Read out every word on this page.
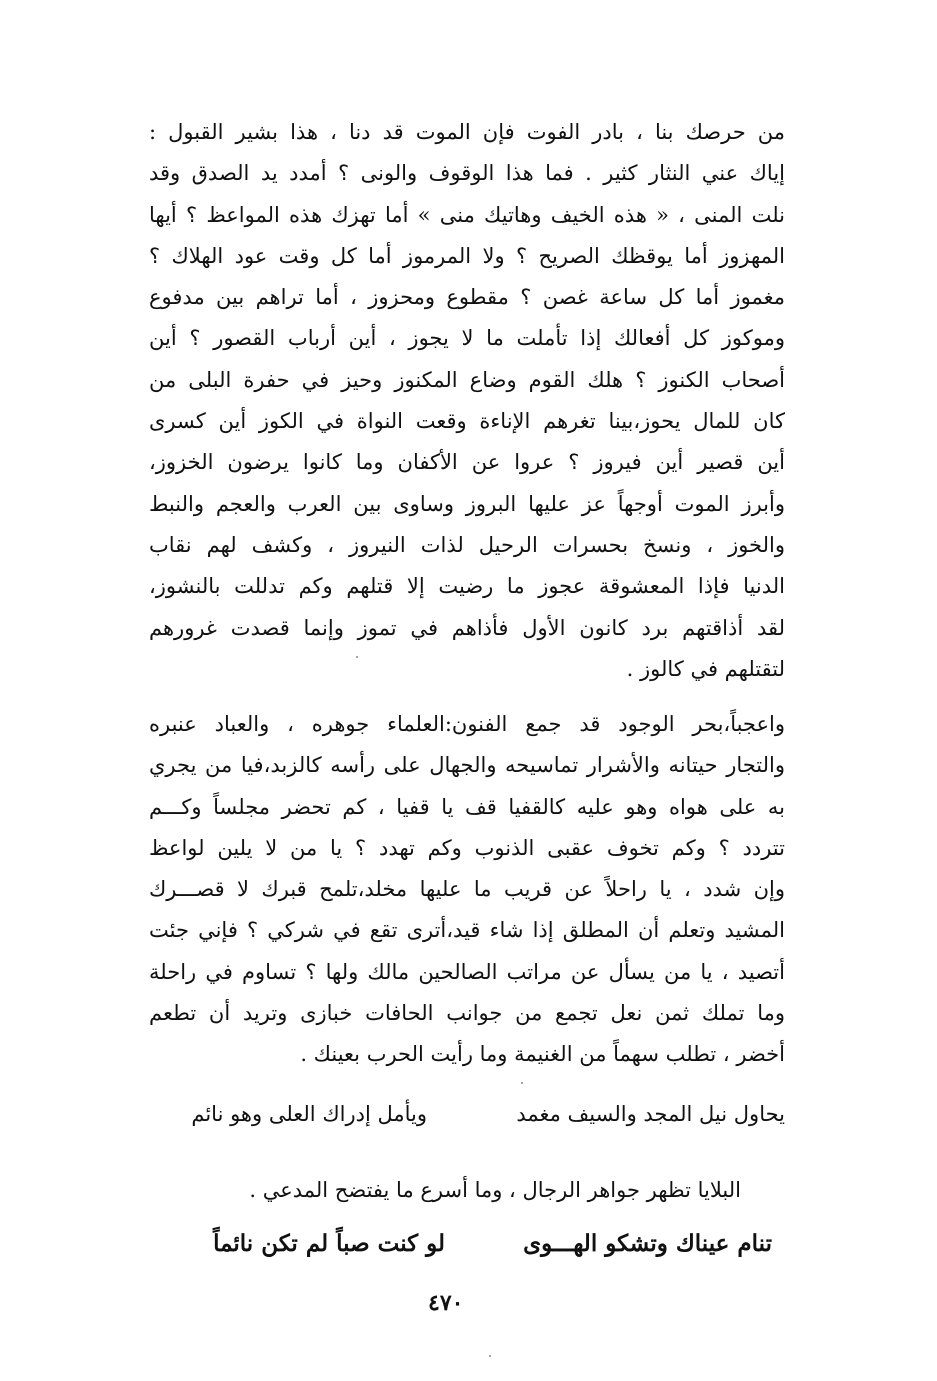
من حرصك بنا ، بادر الفوت فإن الموت قد دنا ، هذا بشير القبول :
إياك عني النثار كثير . فما هذا الوقوف والونى ؟ أمدد يد الصدق وقد
نلت المنى ، « هذه الخيف وهاتيك منى » أما تهزك هذه المواعظ ؟ أيها
المهزوز أما يوقظك الصريح ؟ ولا المرموز أما كل وقت عود الهلاك ؟
مغموز أما كل ساعة غصن ؟ مقطوع ومحزوز ، أما تراهم بين مدفوع
وموكوز كل أفعالك إذا تأملت ما لا يجوز ، أين أرباب القصور ؟ أين
أصحاب الكنوز ؟ هلك القوم وضاع المكنوز وحيز في حفرة البلى من
كان للمال يحوز،بينا تغرهم الإناءة وقعت النواة في الكوز أين كسرى
أين قصير أين فيروز ؟ عروا عن الأكفان وما كانوا يرضون الخزوز،
وأبرز الموت أوجهاً عز عليها البروز وساوى بين العرب والعجم والنبط
والخوز ، ونسخ بحسرات الرحيل لذات النيروز ، وكشف لهم نقاب
الدنيا فإذا المعشوقة عجوز ما رضيت إلا قتلهم وكم تدللت بالنشوز،
لقد أذاقتهم برد كانون الأول فأذاهم في تموز وإنما قصدت غرورهم
لتقتلهم في كالوز .
واعجباً،بحر الوجود قد جمع الفنون:العلماء جوهره ، والعباد عنبره
والتجار حيتانه والأشرار تماسيحه والجهال على رأسه كالزبد،فيا من يجري
به على هواه وهو عليه كالقفيا قف يا قفيا ، كم تحضر مجلساً وكـــم
تتردد ؟ وكم تخوف عقبى الذنوب وكم تهدد ؟ يا من لا يلين لواعظ
وإن شدد ، يا راحلاً عن قريب ما عليها مخلد،تلمح قبرك لا قصـــرك
المشيد وتعلم أن المطلق إذا شاء قيد،أترى تقع في شركي ؟ فإني جئت
أتصيد ، يا من يسأل عن مراتب الصالحين مالك ولها ؟ تساوم في راحلة
وما تملك ثمن نعل تجمع من جوانب الحافات خبازى وتريد أن تطعم
أخضر ، تطلب سهماً من الغنيمة وما رأيت الحرب بعينك .
يحاول نيل المجد والسيف مغمد
ويأمل إدراك العلى وهو نائم
البلايا تظهر جواهر الرجال ، وما أسرع ما يفتضح المدعي .
تنام عيناك وتشكو الهـــوى
لو كنت صباً لم تكن نائماً
٤٧٠
